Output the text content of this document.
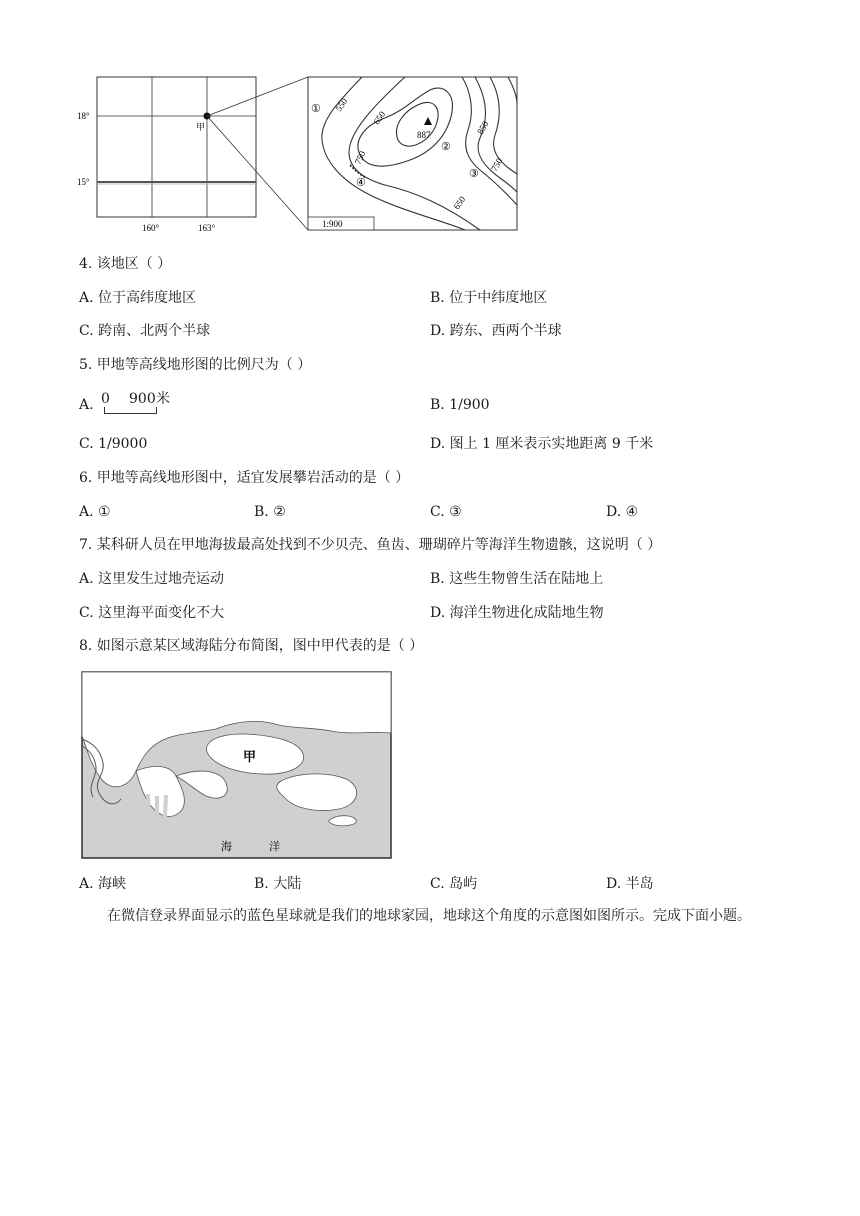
18°
15°
160°	163°
甲
①
②
③
④
550
650
750
850
750
650
887
1:900
4. 该地区（ ）
A. 位于高纬度地区	B. 位于中纬度地区
C. 跨南、北两个半球	D. 跨东、西两个半球
5. 甲地等高线地形图的比例尺为（ ）
A. 0 900 米	B. 1/900
C. 1/9000	D. 图上 1 厘米表示实地距离 9 千米
6. 甲地等高线地形图中，适宜发展攀岩活动的是（ ）
A. ①	B. ②	C. ③	D. ④
7. 某科研人员在甲地海拔最高处找到不少贝壳、鱼齿、珊瑚碎片等海洋生物遗骸，这说明（ ）
A. 这里发生过地壳运动	B. 这些生物曾生活在陆地上
C. 这里海平面变化不大	D. 海洋生物进化成陆地生物
8. 如图示意某区域海陆分布简图，图中甲代表的是（ ）
甲
海	洋
A. 海峡	B. 大陆	C. 岛屿	D. 半岛
在微信登录界面显示的蓝色星球就是我们的地球家园，地球这个角度的示意图如图所示。完成下面小题。
